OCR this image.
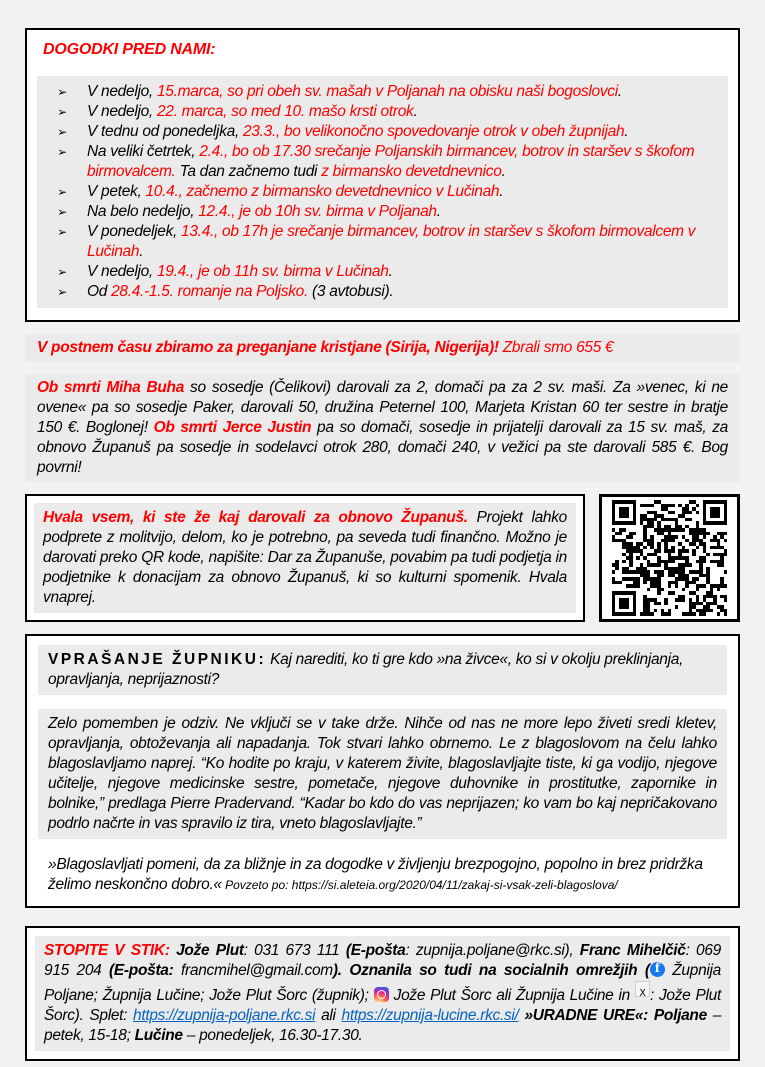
DOGODKI PRED NAMI:
➢	V nedeljo, 15.marca, so pri obeh sv. mašah v Poljanah na obisku naši bogoslovci.
➢	V nedeljo, 22. marca, so med 10. mašo krsti otrok.
➢	V tednu od ponedeljka, 23.3., bo velikonočno spovedovanje otrok v obeh župnijah.
➢	Na veliki četrtek, 2.4., bo ob 17.30 srečanje Poljanskih birmancev, botrov in staršev s škofom birmovalcem. Ta dan začnemo tudi z birmansko devetdnevnico.
➢	V petek, 10.4., začnemo z birmansko devetdnevnico v Lučinah.
➢	Na belo nedeljo, 12.4., je ob 10h sv. birma v Poljanah.
➢	V ponedeljek, 13.4., ob 17h je srečanje birmancev, botrov in staršev s škofom birmovalcem v Lučinah.
➢	V nedeljo, 19.4., je ob 11h sv. birma v Lučinah.
➢	Od 28.4.-1.5. romanje na Poljsko. (3 avtobusi).

V postnem času zbiramo za preganjane kristjane (Sirija, Nigerija)! Zbrali smo 655 €

Ob smrti Miha Buha so sosedje (Čelikovi) darovali za 2, domači pa za 2 sv. maši. Za »venec, ki ne ovene« pa so sosedje Paker, darovali 50, družina Peternel 100, Marjeta Kristan 60 ter sestre in bratje 150 €. Boglonej! Ob smrti Jerce Justin pa so domači, sosedje in prijatelji darovali za 15 sv. maš, za obnovo Županuš pa sosedje in sodelavci otrok 280, domači 240, v vežici pa ste darovali 585 €. Bog povrni!

Hvala vsem, ki ste že kaj darovali za obnovo Županuš. Projekt lahko podprete z molitvijo, delom, ko je potrebno, pa seveda tudi finančno. Možno je darovati preko QR kode, napišite: Dar za Županuše, povabim pa tudi podjetja in podjetnike k donacijam za obnovo Županuš, ki so kulturni spomenik. Hvala vnaprej.

VPRAŠANJE ŽUPNIKU: Kaj narediti, ko ti gre kdo »na živce«, ko si v okolju preklinjanja, opravljanja, neprijaznosti?

Zelo pomemben je odziv. Ne vključi se v take drže. Nihče od nas ne more lepo živeti sredi kletev, opravljanja, obtoževanja ali napadanja. Tok stvari lahko obrnemo. Le z blagoslovom na čelu lahko blagoslavljamo naprej. “Ko hodite po kraju, v katerem živite, blagoslavljajte tiste, ki ga vodijo, njegove učitelje, njegove medicinske sestre, pometače, njegove duhovnike in prostitutke, zapornike in bolnike,” predlaga Pierre Pradervand. “Kadar bo kdo do vas neprijazen; ko vam bo kaj nepričakovano podrlo načrte in vas spravilo iz tira, vneto blagoslavljajte.”

»Blagoslavljati pomeni, da za bližnje in za dogodke v življenju brezpogojno, popolno in brez pridržka želimo neskončno dobro.« Povzeto po: https://si.aleteia.org/2020/04/11/zakaj-si-vsak-zeli-blagoslova/

STOPITE V STIK: Jože Plut: 031 673 111 (E-pošta: zupnija.poljane@rkc.si), Franc Mihelčič: 069 915 204 (E-pošta: francmihel@gmail.com). Oznanila so tudi na socialnih omrežjih (f Župnija Poljane; Župnija Lučine; Jože Plut Šorc (župnik);  Jože Plut Šorc ali Župnija Lučine in X: Jože Plut Šorc). Splet: https://zupnija-poljane.rkc.si ali https://zupnija-lucine.rkc.si/ »URADNE URE«: Poljane – petek, 15-18; Lučine – ponedeljek, 16.30-17.30.
